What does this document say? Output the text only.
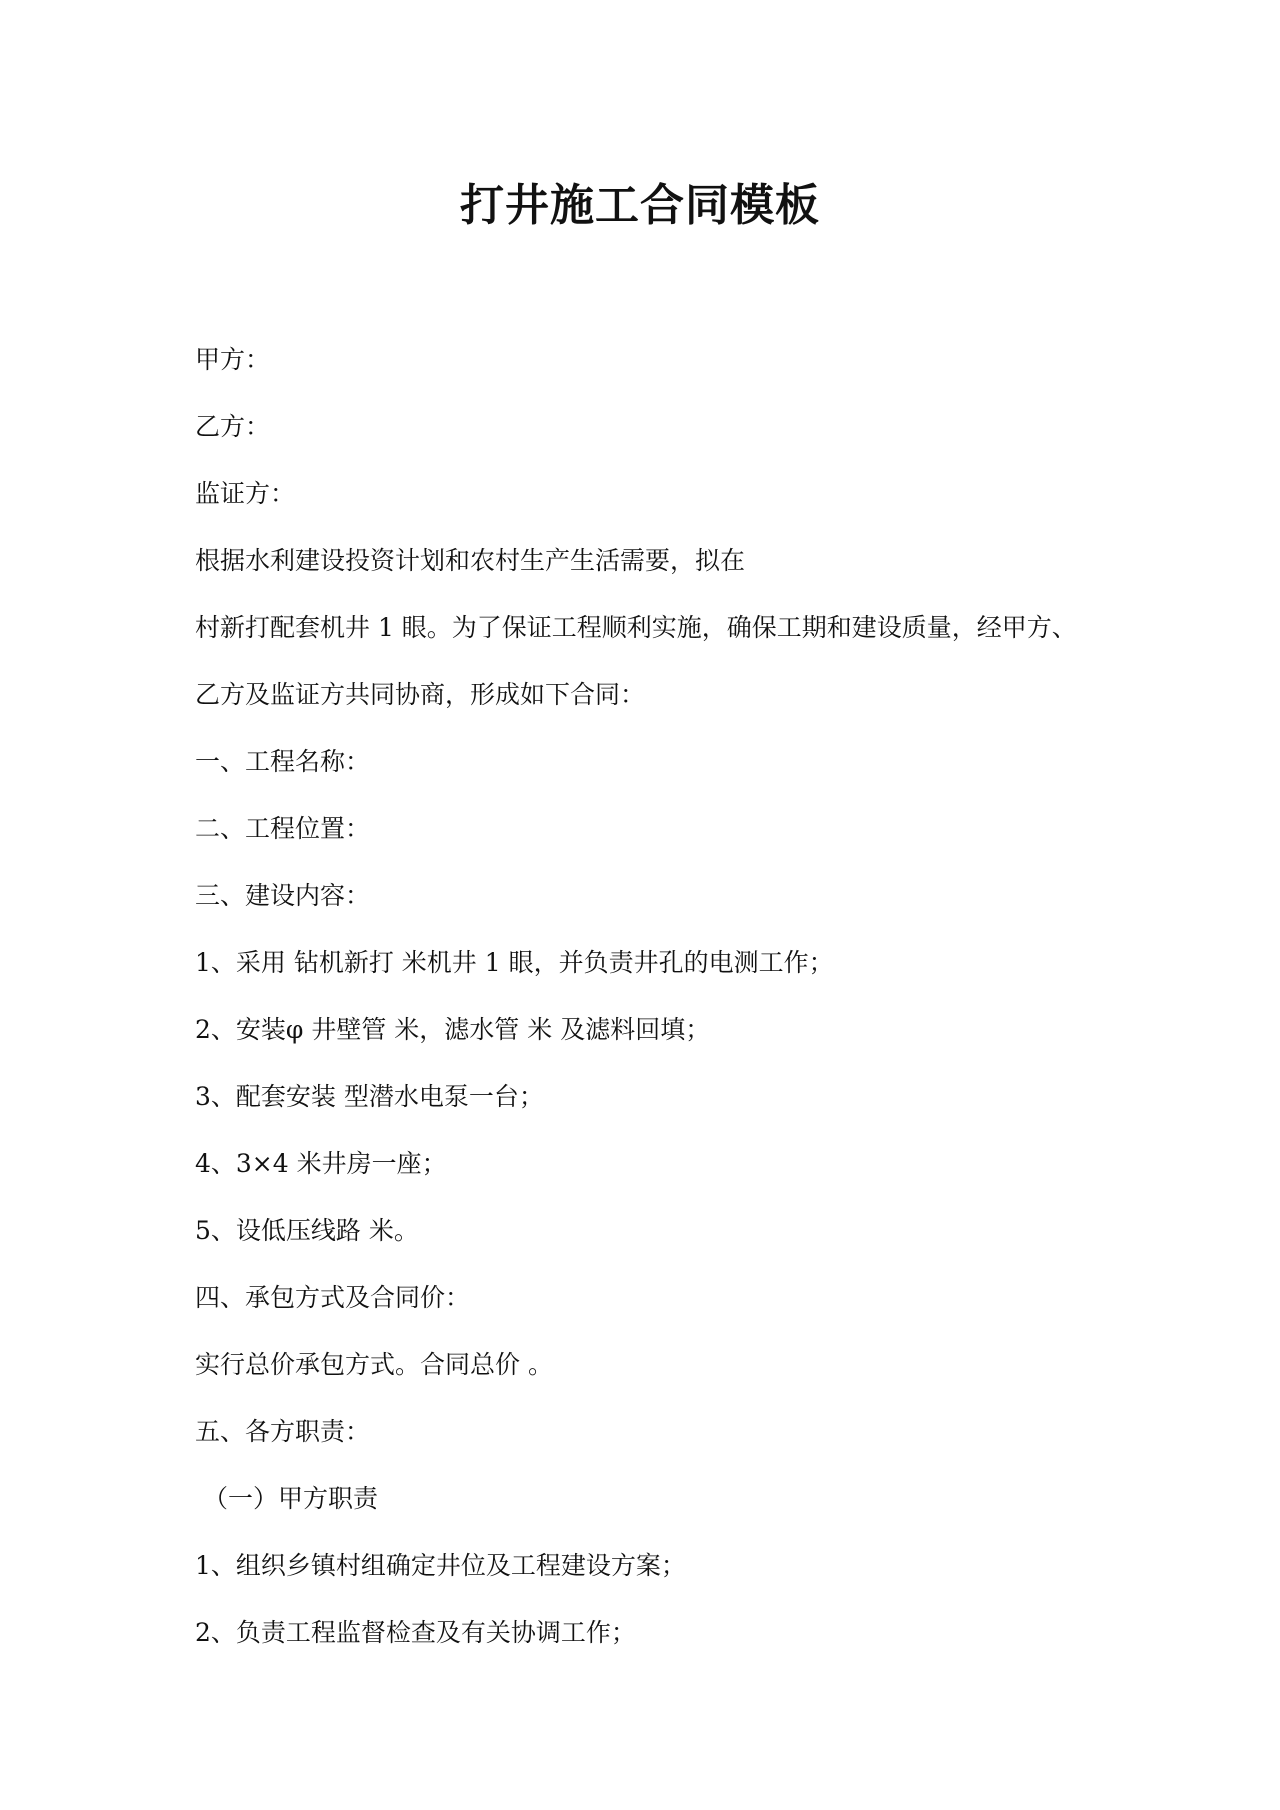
打井施工合同模板
甲方：
乙方：
监证方：
根据水利建设投资计划和农村生产生活需要，拟在
村新打配套机井 1 眼。为了保证工程顺利实施，确保工期和建设质量，经甲方、
乙方及监证方共同协商，形成如下合同：
一、工程名称：
二、工程位置：
三、建设内容：
1、采用 钻机新打 米机井 1 眼，并负责井孔的电测工作；
2、安装φ 井壁管 米，滤水管 米 及滤料回填；
3、配套安装 型潜水电泵一台；
4、3×4 米井房一座；
5、设低压线路 米。
四、承包方式及合同价：
实行总价承包方式。合同总价 。
五、各方职责：
（一）甲方职责
1、组织乡镇村组确定井位及工程建设方案；
2、负责工程监督检查及有关协调工作；
